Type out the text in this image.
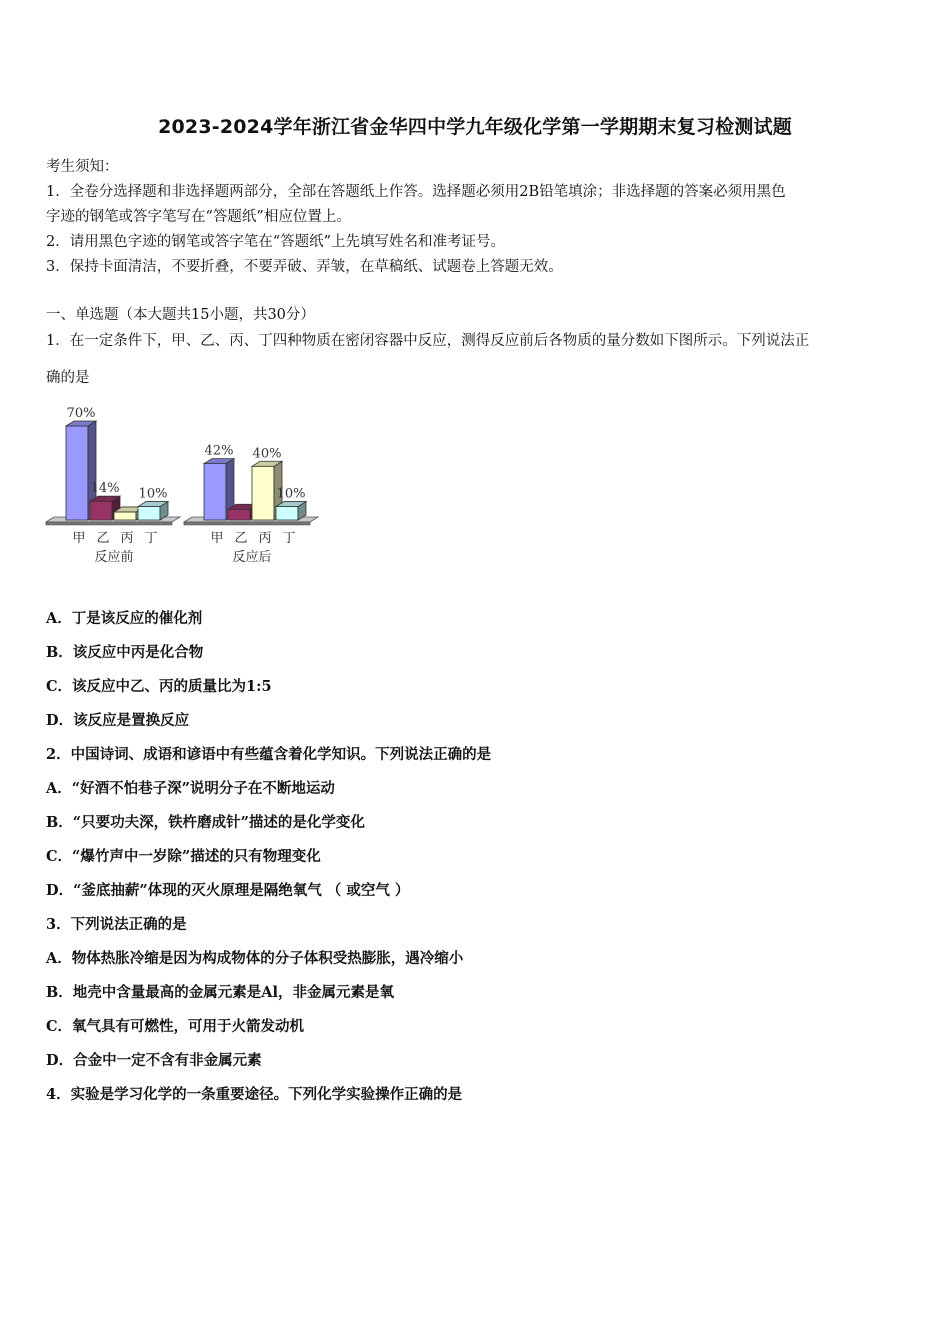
2023-2024学年浙江省金华四中学九年级化学第一学期期末复习检测试题
考生须知：
1．全卷分选择题和非选择题两部分，全部在答题纸上作答。选择题必须用2B铅笔填涂；非选择题的答案必须用黑色
字迹的钢笔或答字笔写在“答题纸”相应位置上。
2．请用黑色字迹的钢笔或答字笔在“答题纸”上先填写姓名和准考证号。
3．保持卡面清洁，不要折叠，不要弄破、弄皱，在草稿纸、试题卷上答题无效。
一、单选题（本大题共15小题，共30分）
1．在一定条件下，甲、乙、丙、丁四种物质在密闭容器中反应，测得反应前后各物质的量分数如下图所示。下列说法正
确的是
70%
甲
14%
乙 丙
10%
丁
反应前
42%
甲 乙
40%
丙
10%
丁
反应后
A．丁是该反应的催化剂
B．该反应中丙是化合物
C．该反应中乙、丙的质量比为1:5
D．该反应是置换反应
2．中国诗词、成语和谚语中有些蕴含着化学知识。下列说法正确的是
A．“好酒不怕巷子深”说明分子在不断地运动
B．“只要功夫深，铁杵磨成针”描述的是化学变化
C．“爆竹声中一岁除”描述的只有物理变化
D．“釜底抽薪”体现的灭火原理是隔绝氧气 （ 或空气 ）
3．下列说法正确的是
A．物体热胀冷缩是因为构成物体的分子体积受热膨胀，遇冷缩小
B．地壳中含量最高的金属元素是Al，非金属元素是氧
C．氧气具有可燃性，可用于火箭发动机
D．合金中一定不含有非金属元素
4．实验是学习化学的一条重要途径。下列化学实验操作正确的是
